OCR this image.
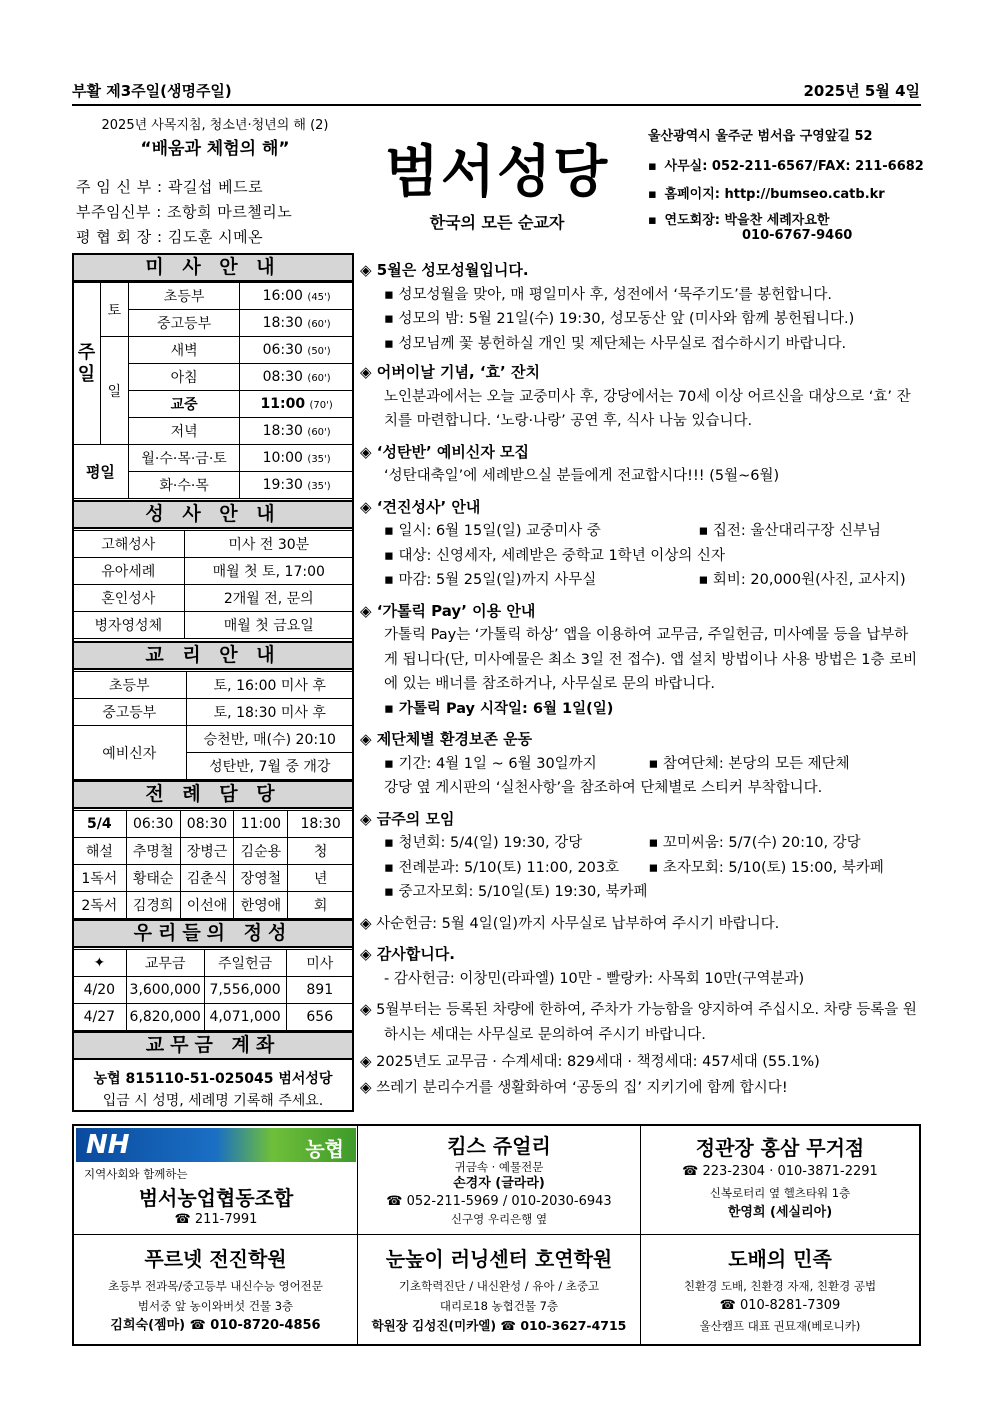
부활 제3주일(생명주일)	2025년 5월 4일
2025년 사목지침, 청소년·청년의 해 (2)
“배움과 체험의 해”
주 임 신 부 : 곽길섭 베드로
부주임신부 : 조항희 마르첼리노
평 협 회 장 : 김도훈 시메온
범서성당
한국의 모든 순교자
울산광역시 울주군 범서읍 구영앞길 52
▪ 사무실: 052-211-6567/FAX: 211-6682
▪ 홈페이지: http://bumseo.catb.kr
▪ 연도회장: 박을찬 세례자요한
010-6767-9460
미 사 안 내
주일	토	초등부	16:00 (45')
		중고등부	18:30 (60')
	일	새벽	06:30 (50')
		아침	08:30 (60')
		교중	11:00 (70')
		저녁	18:30 (60')
평일		월·수·목·금·토	10:00 (35')
		화·수·목	19:30 (35')
성 사 안 내
고해성사	미사 전 30분
유아세례	매월 첫 토, 17:00
혼인성사	2개월 전, 문의
병자영성체	매월 첫 금요일
교 리 안 내
초등부	토, 16:00 미사 후
중고등부	토, 18:30 미사 후
예비신자	승천반, 매(수) 20:10
	성탄반, 7월 중 개강
전 례 담 당
5/4	06:30	08:30	11:00	18:30
해설	추명철	장병근	김순용	청
1독서	황태순	김춘식	장영철	년
2독서	김경희	이선애	한영애	회
우리들의 정성
✦	교무금	주일헌금	미사
4/20	3,600,000	7,556,000	891
4/27	6,820,000	4,071,000	656
교무금 계좌
농협 815110-51-025045 범서성당
입금 시 성명, 세례명 기록해 주세요.
◈ 5월은 성모성월입니다.
▪ 성모성월을 맞아, 매 평일미사 후, 성전에서 ‘묵주기도’를 봉헌합니다.
▪ 성모의 밤: 5월 21일(수) 19:30, 성모동산 앞 (미사와 함께 봉헌됩니다.)
▪ 성모님께 꽃 봉헌하실 개인 및 제단체는 사무실로 접수하시기 바랍니다.
◈ 어버이날 기념, ‘효’ 잔치
노인분과에서는 오늘 교중미사 후, 강당에서는 70세 이상 어르신을 대상으로 ‘효’ 잔치를 마련합니다. ‘노랑·나랑’ 공연 후, 식사 나눔 있습니다.
◈ ‘성탄반’ 예비신자 모집
‘성탄대축일’에 세례받으실 분들에게 전교합시다!!! (5월~6월)
◈ ‘견진성사’ 안내
▪ 일시: 6월 15일(일) 교중미사 중	▪ 집전: 울산대리구장 신부님
▪ 대상: 신영세자, 세례받은 중학교 1학년 이상의 신자
▪ 마감: 5월 25일(일)까지 사무실	▪ 회비: 20,000원(사진, 교사지)
◈ ‘가톨릭 Pay’ 이용 안내
가톨릭 Pay는 ‘가톨릭 하상’ 앱을 이용하여 교무금, 주일헌금, 미사예물 등을 납부하게 됩니다(단, 미사예물은 최소 3일 전 접수). 앱 설치 방법이나 사용 방법은 1층 로비에 있는 배너를 참조하거나, 사무실로 문의 바랍니다.
▪ 가톨릭 Pay 시작일: 6월 1일(일)
◈ 제단체별 환경보존 운동
▪ 기간: 4월 1일 ~ 6월 30일까지	▪ 참여단체: 본당의 모든 제단체
강당 옆 게시판의 ‘실천사항’을 참조하여 단체별로 스티커 부착합니다.
◈ 금주의 모임
▪ 청년회: 5/4(일) 19:30, 강당	▪ 꼬미씨움: 5/7(수) 20:10, 강당
▪ 전례분과: 5/10(토) 11:00, 203호 ▪ 초자모회: 5/10(토) 15:00, 북카페
▪ 중고자모회: 5/10일(토) 19:30, 북카페
◈ 사순헌금: 5월 4일(일)까지 사무실로 납부하여 주시기 바랍니다.
◈ 감사합니다.
- 감사헌금: 이창민(라파엘) 10만 - 빨랑카: 사목회 10만(구역분과)
◈ 5월부터는 등록된 차량에 한하여, 주차가 가능함을 양지하여 주십시오. 차량 등록을 원하시는 세대는 사무실로 문의하여 주시기 바랍니다.
◈ 2025년도 교무금 · 수계세대: 829세대 · 책정세대: 457세대 (55.1%)
◈ 쓰레기 분리수거를 생활화하여 ‘공동의 집’ 지키기에 함께 합시다!
NH	농협
지역사회와 함께하는
범서농업협동조합
☎ 211-7991
킴스 쥬얼리
귀금속 · 예물전문
손경자 (글라라)
☎ 052-211-5969 / 010-2030-6943
신구영 우리은행 옆
정관장 홍삼 무거점
☎ 223-2304 · 010-3871-2291
신복로터리 옆 헬츠타워 1층
한영희 (세실리아)
푸르넷 전진학원
초등부 전과목/중고등부 내신수능 영어전문
범서중 앞 농이와버섯 건물 3층
김희숙(젬마) ☎ 010-8720-4856
눈높이 러닝센터 호연학원
기초학력진단 / 내신완성 / 유아 / 초중고
대리로18 농협건물 7층
학원장 김성진(미카엘) ☎ 010-3627-4715
도배의 민족
친환경 도배, 친환경 자재, 친환경 공법
☎ 010-8281-7309
울산캠프 대표 권묘재(베로니카)
